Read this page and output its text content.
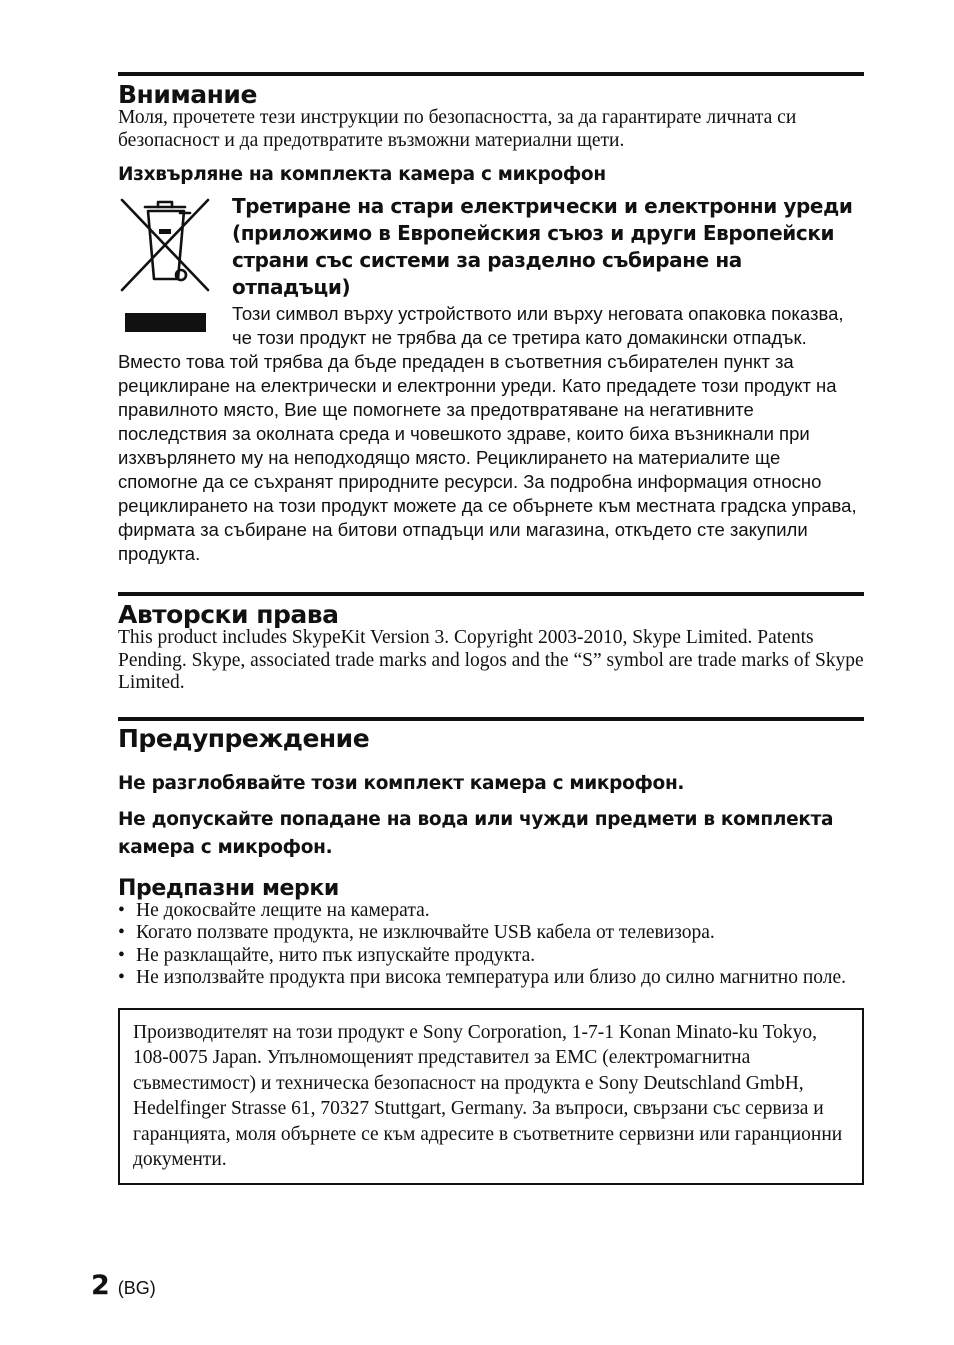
Внимание

Моля, прочетете тези инструкции по безопасността, за да гарантирате личната си безопасност и да предотвратите възможни материални щети.

Изхвърляне на комплекта камера с микрофон

Третиране на стари електрически и електронни уреди (приложимо в Европейския съюз и други Европейски страни със системи за разделно събиране на отпадъци)

Този символ върху устройството или върху неговата опаковка показва, че този продукт не трябва да се третира като домакински отпадък. Вместо това той трябва да бъде предаден в съответния събирателен пункт за рециклиране на електрически и електронни уреди. Като предадете този продукт на правилното място, Вие ще помогнете за предотвратяване на негативните последствия за околната среда и човешкото здраве, които биха възникнали при изхвърлянето му на неподходящо място. Рециклирането на материалите ще спомогне да се съхранят природните ресурси. За подробна информация относно рециклирането на този продукт можете да се обърнете към местната градска управа, фирмата за събиране на битови отпадъци или магазина, откъдето сте закупили продукта.

Авторски права

This product includes SkypeKit Version 3. Copyright 2003-2010, Skype Limited. Patents Pending. Skype, associated trade marks and logos and the “S” symbol are trade marks of Skype Limited.

Предупреждение

Не разглобявайте този комплект камера с микрофон.

Не допускайте попадане на вода или чужди предмети в комплекта камера с микрофон.

Предпазни мерки

• Не докосвайте лещите на камерата.
• Когато ползвате продукта, не изключвайте USB кабела от телевизора.
• Не разклащайте, нито пък изпускайте продукта.
• Не използвайте продукта при висока температура или близо до силно магнитно поле.

Производителят на този продукт е Sony Corporation, 1-7-1 Konan Minato-ku Tokyo, 108-0075 Japan. Упълномощеният представител за EMC (електромагнитна съвместимост) и техническа безопасност на продукта е Sony Deutschland GmbH, Hedelfinger Strasse 61, 70327 Stuttgart, Germany. За въпроси, свързани със сервиза и гаранцията, моля обърнете се към адресите в съответните сервизни или гаранционни документи.

2 (BG)
